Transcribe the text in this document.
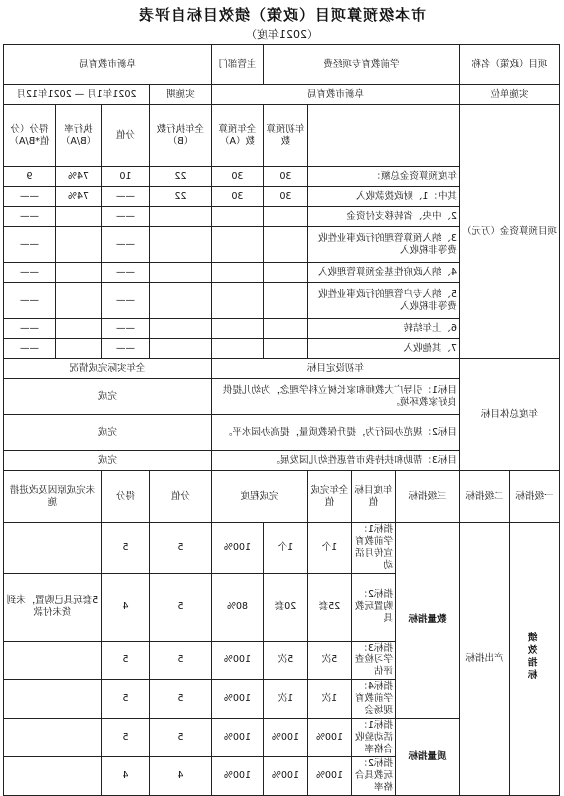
市本级预算项目（政策）绩效目标自评表
（2021年度）
项目（政策）名称		学前教育专项经费				主管部门	阜新市教育局			
实施单位		阜新市教育局					实施期	2021年1月 — 2021年12月		
项目预算资金（万元）					年初预算数	全年预算数（A）	全年执行数（B）	分值	执行率（B/A）	得分（分值*B/A）
		年度预算资金总额：			30	30	22	10	74%	9
		其中：1、财政拨款收入			30	30	22	——	74%	——
		2、中央、省转移支付资金						——		——
		3、纳入预算管理的行政事业性收费等非税收入						——		——
		4、纳入政府性基金预算管理收入						——		——
		5、纳入专户管理的行政事业性收费等非税收入						——		——
		6、上年结转						——		——
		7、其他收入						——		——
年度总体目标		年初设定目标					全年实际完成情况			
		目标1：引导广大教师和家长树立科学理念，为幼儿提供良好家教环境。					完成			
		目标2：规范办园行为，提升保教质量，提高办园水平。					完成			
		目标3：帮助和扶持我市普惠性幼儿园发展。					完成			
一级指标	二级指标	三级指标	年度目标值	全年完成值	完成程度		分值	得分	未完成原因及改进措施	
绩效指标	产出指标	数量指标	指标1：学前教育宣传月活动	1个	1个	100%	5	5		
			指标2：购置玩教具	25套	20套	80%	5	4	5套玩具已购置，未到货未付款	
			指标3：学习检查评估	5次	5次	100%	5	5		
			指标4：学前教育现场会	1次	1次	100%	5	5		
		质量指标	指标1：活动验收合格率	100%	100%	100%	5	5		
			指标2：玩教具合格率	100%	100%	100%	4	4		
